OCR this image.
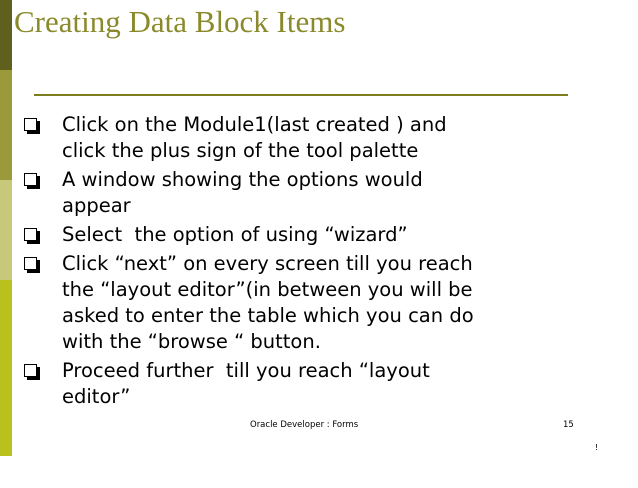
Creating Data Block Items
Click on the Module1(last created ) and
click the plus sign of the tool palette
A window showing the options would
appear
Select  the option of using “wizard”
Click “next” on every screen till you reach
the “layout editor”(in between you will be
asked to enter the table which you can do
with the “browse “ button.
Proceed further  till you reach “layout
editor”
Oracle Developer : Forms	15
!
